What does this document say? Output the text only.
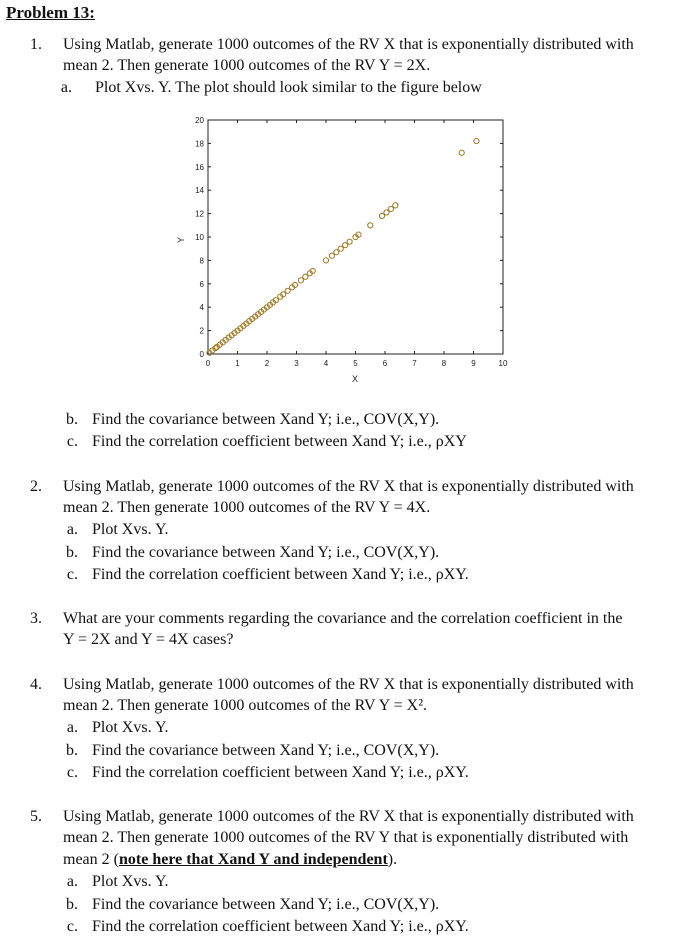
Problem 13:
1. Using Matlab, generate 1000 outcomes of the RV X that is exponentially distributed with
mean 2. Then generate 1000 outcomes of the RV Y = 2X.
a. Plot Xvs. Y. The plot should look similar to the figure below
0	1	2	3	4	5	6	7	8	9	10
0
2
4
6
8
10
12
14
16
18
20
X
Y
b. Find the covariance between Xand Y; i.e., COV(X,Y).
c. Find the correlation coefficient between Xand Y; i.e., ρXY
2. Using Matlab, generate 1000 outcomes of the RV X that is exponentially distributed with
mean 2. Then generate 1000 outcomes of the RV Y = 4X.
a. Plot Xvs. Y.
b. Find the covariance between Xand Y; i.e., COV(X,Y).
c. Find the correlation coefficient between Xand Y; i.e., ρXY.
3. What are your comments regarding the covariance and the correlation coefficient in the
Y = 2X and Y = 4X cases?
4. Using Matlab, generate 1000 outcomes of the RV X that is exponentially distributed with
mean 2. Then generate 1000 outcomes of the RV Y = X².
a. Plot Xvs. Y.
b. Find the covariance between Xand Y; i.e., COV(X,Y).
c. Find the correlation coefficient between Xand Y; i.e., ρXY.
5. Using Matlab, generate 1000 outcomes of the RV X that is exponentially distributed with
mean 2. Then generate 1000 outcomes of the RV Y that is exponentially distributed with
mean 2 (note here that Xand Y and independent).
a. Plot Xvs. Y.
b. Find the covariance between Xand Y; i.e., COV(X,Y).
c. Find the correlation coefficient between Xand Y; i.e., ρXY.
